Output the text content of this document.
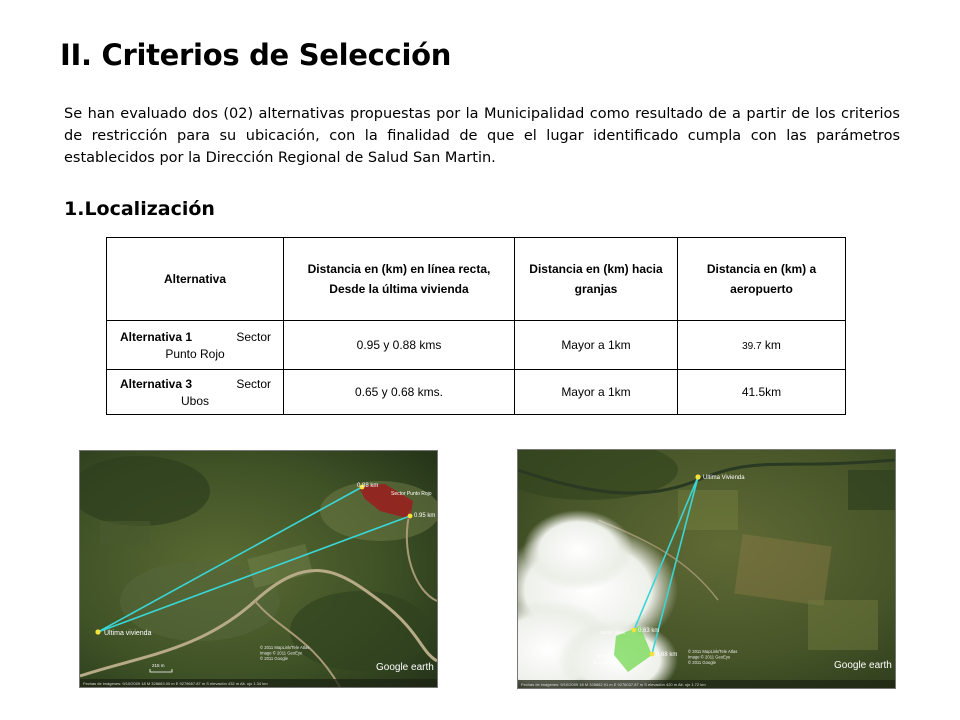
II. Criterios de Selección

Se han evaluado dos (02) alternativas propuestas por la Municipalidad como resultado de a partir de los criterios de restricción para su ubicación, con la finalidad de que el lugar identificado cumpla con las parámetros establecidos por la Dirección Regional de Salud San Martin.

1.Localización
Alternativa	Distancia en (km) en línea recta, Desde la última vivienda	Distancia en (km) hacia granjas	Distancia en (km) a aeropuerto

Alternativa 1 Sector
Punto Rojo	0.95 y 0.88 kms	Mayor a 1km	39.7 km

Alternativa 3 Sector
Ubos	0.65 y 0.68 kms.	Mayor a 1km	41.5km
Ultima vivienda
0.88 km
Sector Punto Rojo
0.95 km
© 2011 MapLink/Tele Atlas Image © 2011 GeoEye © 2011 Google
215 m	Google earth
Fechas de imágenes: 9/10/2009 18 M 328663.00 m E 9279667.87 m S elevación 432 m Alt. ojo 1.34 km
Ultima Vivienda
0.63 km
Sector Ubos
0.68 km
© 2011 MapLink/Tele Atlas Image © 2011 GeoEye © 2011 Google
387 m
Google earth
Fechas de imágenes: 9/10/2009 18 M 328662.91 m E 9276037.87 m S elevación 420 m Alt. ojo 1.72 km
